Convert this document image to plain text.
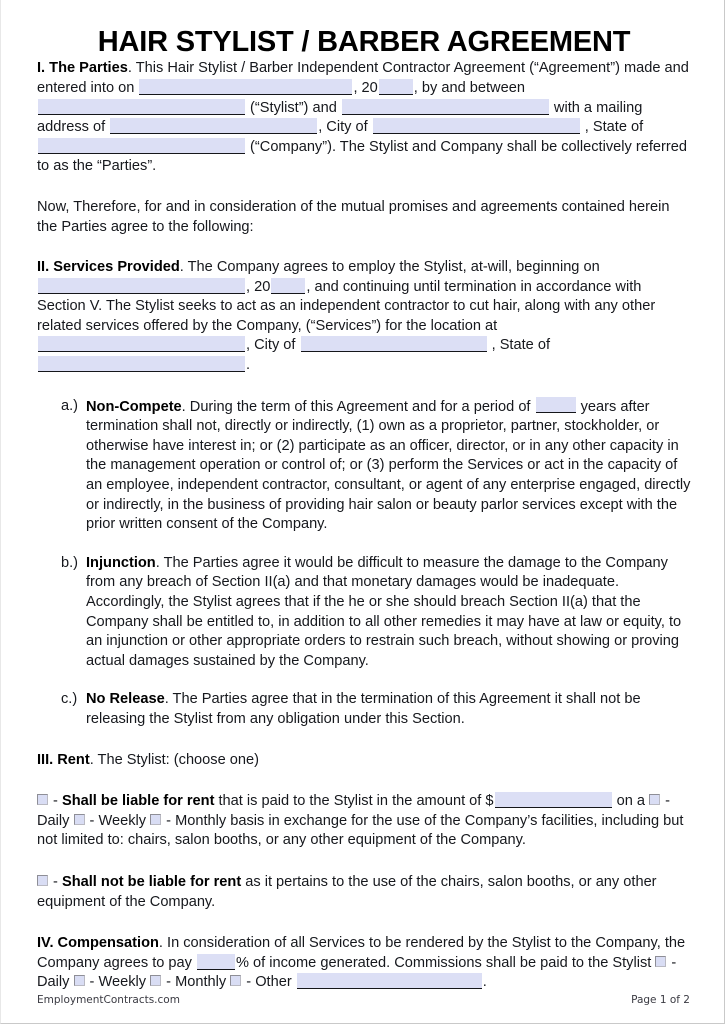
HAIR STYLIST / BARBER AGREEMENT

I. The Parties. This Hair Stylist / Barber Independent Contractor Agreement (“Agreement”) made and entered into on	, 20 , by and between  (“Stylist”) and	with a mailing address of	, City of	, State of  (“Company”). The Stylist and Company shall be collectively referred to as the “Parties”.

Now, Therefore, for and in consideration of the mutual promises and agreements contained herein the Parties agree to the following:

II. Services Provided. The Company agrees to employ the Stylist, at-will, beginning on , 20 , and continuing until termination in accordance with Section V. The Stylist seeks to act as an independent contractor to cut hair, along with any other related services offered by the Company, (“Services”) for the location at , City of	, State of .

a.) Non-Compete. During the term of this Agreement and for a period of	years after termination shall not, directly or indirectly, (1) own as a proprietor, partner, stockholder, or otherwise have interest in; or (2) participate as an officer, director, or in any other capacity in the management operation or control of; or (3) perform the Services or act in the capacity of an employee, independent contractor, consultant, or agent of any enterprise engaged, directly or indirectly, in the business of providing hair salon or beauty parlor services except with the prior written consent of the Company.
b.) Injunction. The Parties agree it would be difficult to measure the damage to the Company from any breach of Section II(a) and that monetary damages would be inadequate. Accordingly, the Stylist agrees that if the he or she should breach Section II(a) that the Company shall be entitled to, in addition to all other remedies it may have at law or equity, to an injunction or other appropriate orders to restrain such breach, without showing or proving actual damages sustained by the Company.
c.) No Release. The Parties agree that in the termination of this Agreement it shall not be releasing the Stylist from any obligation under this Section.

III. Rent. The Stylist: (choose one)

- Shall be liable for rent that is paid to the Stylist in the amount of $	on a  - Daily  - Weekly  - Monthly basis in exchange for the use of the Company’s facilities, including but not limited to: chairs, salon booths, or any other equipment of the Company.

- Shall not be liable for rent as it pertains to the use of the chairs, salon booths, or any other equipment of the Company.

IV. Compensation. In consideration of all Services to be rendered by the Stylist to the Company, the Company agrees to pay	% of income generated. Commissions shall be paid to the Stylist  - Daily  - Weekly  - Monthly  - Other	.

EmploymentContracts.com	Page 1 of 2
